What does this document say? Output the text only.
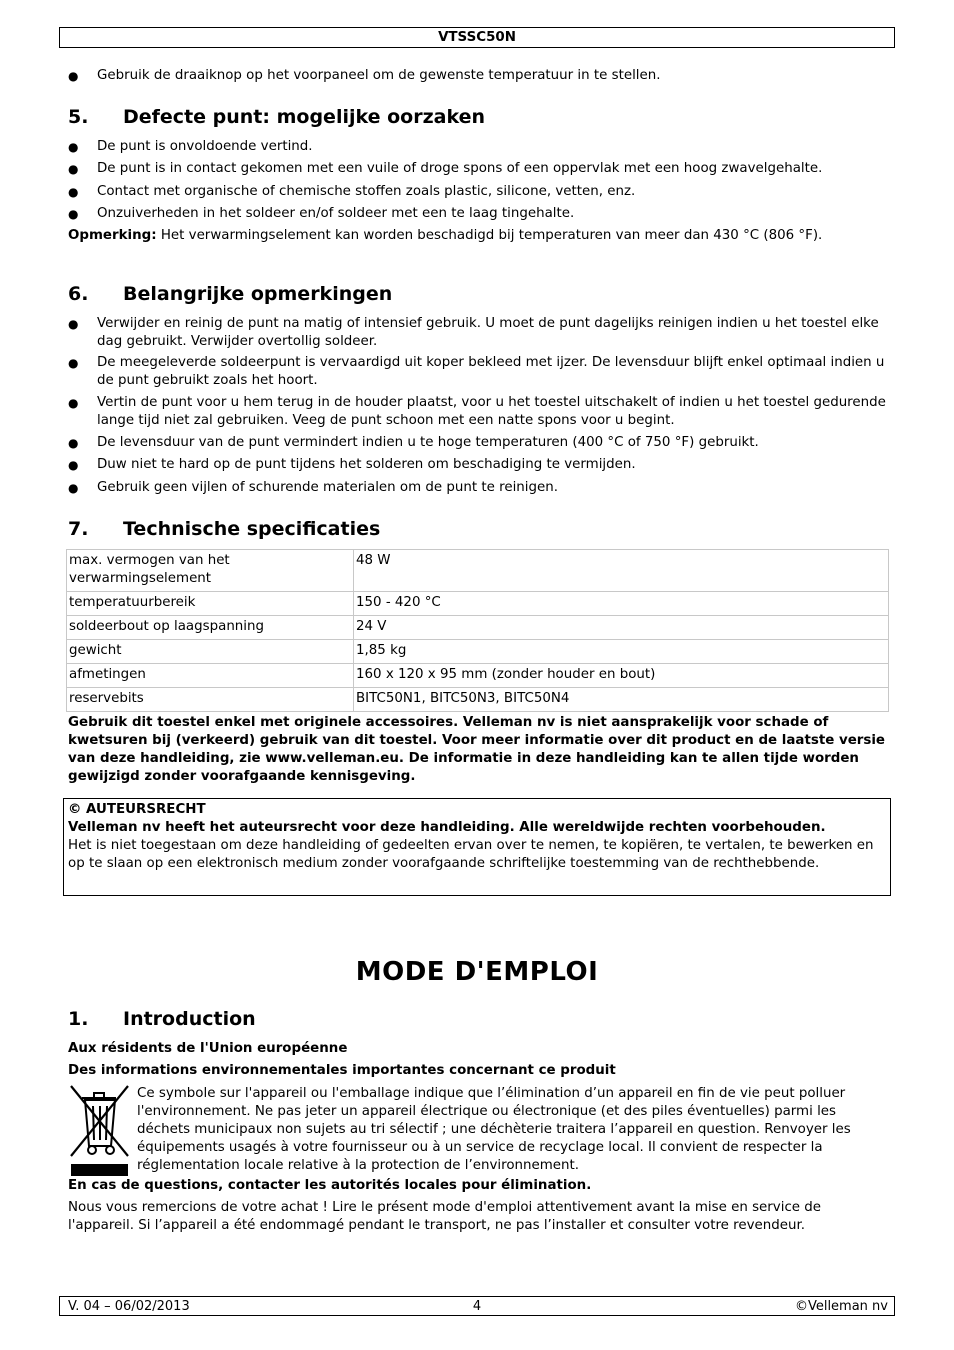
VTSSC50N
● Gebruik de draaiknop op het voorpaneel om de gewenste temperatuur in te stellen.
5. Defecte punt: mogelijke oorzaken
● De punt is onvoldoende vertind.
● De punt is in contact gekomen met een vuile of droge spons of een oppervlak met een hoog zwavelgehalte.
● Contact met organische of chemische stoffen zoals plastic, silicone, vetten, enz.
● Onzuiverheden in het soldeer en/of soldeer met een te laag tingehalte.
Opmerking: Het verwarmingselement kan worden beschadigd bij temperaturen van meer dan 430 °C (806 °F).
6. Belangrijke opmerkingen
● Verwijder en reinig de punt na matig of intensief gebruik. U moet de punt dagelijks reinigen indien u het toestel elke dag gebruikt. Verwijder overtollig soldeer.
● De meegeleverde soldeerpunt is vervaardigd uit koper bekleed met ijzer. De levensduur blijft enkel optimaal indien u de punt gebruikt zoals het hoort.
● Vertin de punt voor u hem terug in de houder plaatst, voor u het toestel uitschakelt of indien u het toestel gedurende lange tijd niet zal gebruiken. Veeg de punt schoon met een natte spons voor u begint.
● De levensduur van de punt vermindert indien u te hoge temperaturen (400 °C of 750 °F) gebruikt.
● Duw niet te hard op de punt tijdens het solderen om beschadiging te vermijden.
● Gebruik geen vijlen of schurende materialen om de punt te reinigen.
7. Technische specificaties
max. vermogen van het verwarmingselement	48 W
temperatuurbereik	150 - 420 °C
soldeerbout op laagspanning	24 V
gewicht	1,85 kg
afmetingen	160 x 120 x 95 mm (zonder houder en bout)
reservebits	BITC50N1, BITC50N3, BITC50N4
Gebruik dit toestel enkel met originele accessoires. Velleman nv is niet aansprakelijk voor schade of kwetsuren bij (verkeerd) gebruik van dit toestel. Voor meer informatie over dit product en de laatste versie van deze handleiding, zie www.velleman.eu. De informatie in deze handleiding kan te allen tijde worden gewijzigd zonder voorafgaande kennisgeving.
© AUTEURSRECHT
Velleman nv heeft het auteursrecht voor deze handleiding. Alle wereldwijde rechten voorbehouden.
Het is niet toegestaan om deze handleiding of gedeelten ervan over te nemen, te kopiëren, te vertalen, te bewerken en op te slaan op een elektronisch medium zonder voorafgaande schriftelijke toestemming van de rechthebbende.
MODE D'EMPLOI
1. Introduction
Aux résidents de l'Union européenne
Des informations environnementales importantes concernant ce produit
Ce symbole sur l'appareil ou l'emballage indique que l’élimination d’un appareil en fin de vie peut polluer l'environnement. Ne pas jeter un appareil électrique ou électronique (et des piles éventuelles) parmi les déchets municipaux non sujets au tri sélectif ; une déchèterie traitera l’appareil en question. Renvoyer les équipements usagés à votre fournisseur ou à un service de recyclage local. Il convient de respecter la réglementation locale relative à la protection de l’environnement.
En cas de questions, contacter les autorités locales pour élimination.
Nous vous remercions de votre achat ! Lire le présent mode d'emploi attentivement avant la mise en service de l'appareil. Si l’appareil a été endommagé pendant le transport, ne pas l’installer et consulter votre revendeur.
V. 04 – 06/02/2013	4	©Velleman nv
